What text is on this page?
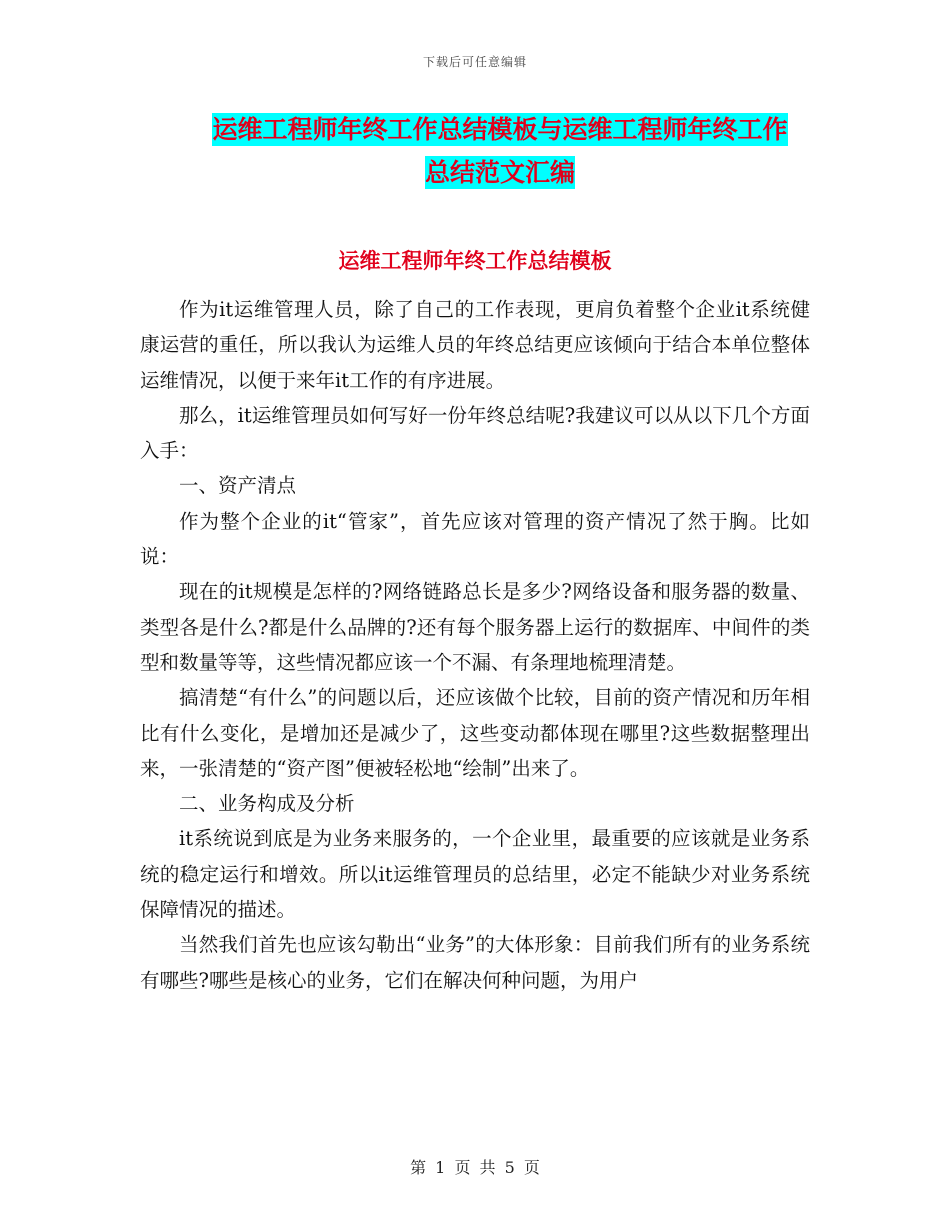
下载后可任意编辑
运维工程师年终工作总结模板与运维工程师年终工作
总结范文汇编
运维工程师年终工作总结模板

作为it运维管理人员，除了自己的工作表现，更肩负着整个企业it系统健康运营的重任，所以我认为运维人员的年终总结更应该倾向于结合本单位整体运维情况，以便于来年it工作的有序进展。

那么，it运维管理员如何写好一份年终总结呢?我建议可以从以下几个方面入手：

一、资产清点

作为整个企业的it“管家”，首先应该对管理的资产情况了然于胸。比如说：

现在的it规模是怎样的?网络链路总长是多少?网络设备和服务器的数量、类型各是什么?都是什么品牌的?还有每个服务器上运行的数据库、中间件的类型和数量等等，这些情况都应该一个不漏、有条理地梳理清楚。

搞清楚“有什么”的问题以后，还应该做个比较，目前的资产情况和历年相比有什么变化，是增加还是减少了，这些变动都体现在哪里?这些数据整理出来，一张清楚的“资产图”便被轻松地“绘制”出来了。

二、业务构成及分析

it系统说到底是为业务来服务的，一个企业里，最重要的应该就是业务系统的稳定运行和增效。所以it运维管理员的总结里，必定不能缺少对业务系统保障情况的描述。

当然我们首先也应该勾勒出“业务”的大体形象：目前我们所有的业务系统有哪些?哪些是核心的业务，它们在解决何种问题，为用户

第 1 页 共 5 页
